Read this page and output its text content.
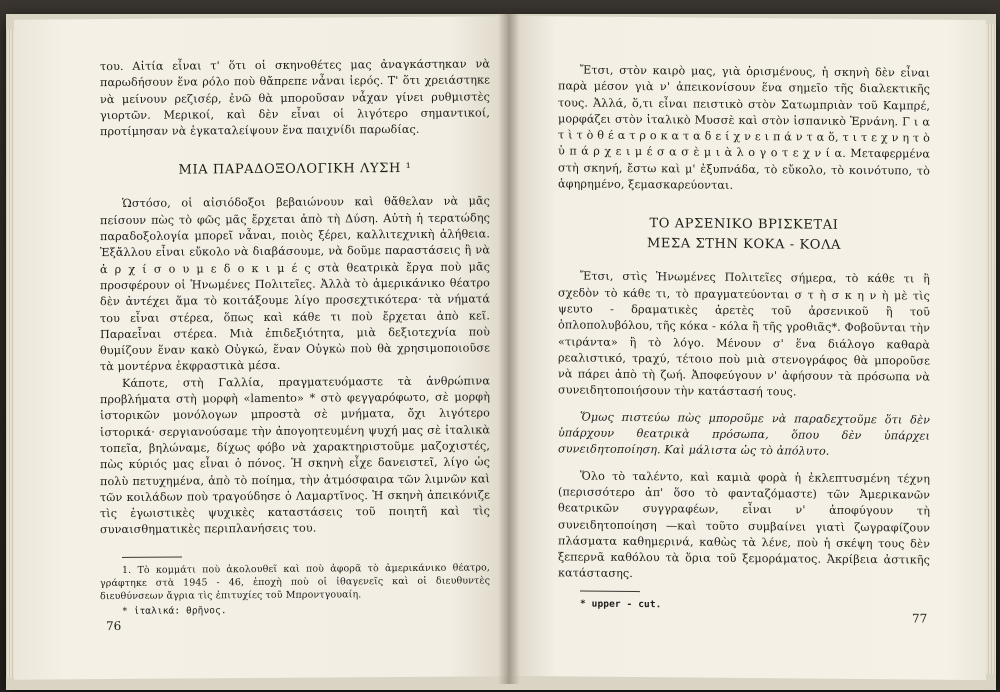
του. Αἰτία εἶναι τ' ὅτι οἱ σκηνοθέτες μας ἀναγκάστηκαν νὰ παρωδήσουν ἕνα ρόλο ποὺ θἄπρεπε νἆναι ἱερός. Τ' ὅτι χρειάστηκε νὰ μείνουν ρεζισέρ, ἐνῶ θὰ μποροῦσαν νἆχαν γίνει ρυθμιστὲς γιορτῶν. Μερικοί, καὶ δὲν εἶναι οἱ λιγότερο σημαντικοί, προτίμησαν νὰ ἐγκαταλείψουν ἕνα παιχνίδι παρωδίας.

ΜΙΑ ΠΑΡΑΔΟΞΟΛΟΓΙΚΗ ΛΥΣΗ ¹

Ὡστόσο, οἱ αἰσιόδοξοι βεβαιώνουν καὶ θἄθελαν νὰ μᾶς πείσουν πὼς τὸ φῶς μᾶς ἔρχεται ἀπὸ τὴ Δύση. Αὐτὴ ἡ τερατώδης παραδοξολογία μπορεῖ νἆναι, ποιὸς ξέρει, καλλιτεχνικὴ ἀλήθεια. Ἐξἄλλου εἶναι εὔκολο νὰ διαβάσουμε, νὰ δοῦμε παραστάσεις ἢ νὰ ἀ ρ χ ί σ ο υ μ ε δ ο κ ι μ έ ς στὰ θεατρικὰ ἔργα ποὺ μᾶς προσφέρουν οἱ Ἡνωμένες Πολιτεῖες. Ἀλλὰ τὸ ἀμερικάνικο θέατρο δὲν ἀντέχει ἅμα τὸ κοιτάξουμε λίγο προσεχτικότερα· τὰ νήματά του εἶναι στέρεα, ὅπως καὶ κάθε τι ποὺ ἔρχεται ἀπὸ κεῖ. Παραεἶναι στέρεα. Μιὰ ἐπιδεξιότητα, μιὰ δεξιοτεχνία ποὺ θυμίζουν ἕναν κακὸ Οὐγκώ, ἕναν Οὐγκὼ ποὺ θὰ χρησιμοποιοῦσε τὰ μοντέρνα ἐκφραστικὰ μέσα.

Κάποτε, στὴ Γαλλία, πραγματευόμαστε τὰ ἀνθρώπινα προβλήματα στὴ μορφὴ «lamento» * στὸ φεγγαρόφωτο, σὲ μορφὴ ἱστορικῶν μονόλογων μπροστὰ σὲ μνήματα, ὄχι λιγότερο ἱστορικά· σεργιανούσαμε τὴν ἀπογοητευμένη ψυχή μας σὲ ἰταλικὰ τοπεῖα, βηλώναμε, δίχως φόβο νὰ χαρακτηριστοῦμε μαζοχιστές, πὼς κύριός μας εἶναι ὁ πόνος. Ἡ σκηνὴ εἶχε δανειστεῖ, λίγο ὡς πολὺ πετυχημένα, ἀπὸ τὸ ποίημα, τὴν ἀτμόσφαιρα τῶν λιμνῶν καὶ τῶν κοιλάδων ποὺ τραγούδησε ὁ Λαμαρτῖνος. Ἡ σκηνὴ ἀπεικόνιζε τὶς ἐγωιστικὲς ψυχικὲς καταστάσεις τοῦ ποιητῆ καὶ τὶς συναισθηματικὲς περιπλανήσεις του.

1. Τὸ κομμάτι ποὺ ἀκολουθεῖ καὶ ποὺ ἀφορᾶ τὸ ἀμερικάνικο θέατρο, γράφτηκε στὰ 1945 - 46, ἐποχὴ ποὺ οἱ ἰθαγενεῖς καὶ οἱ διευθυντὲς διευθύνσεων ἄγρια τὶς ἐπιτυχίες τοῦ Μπροντγουαίη.

* ἰταλικά: θρῆνος.

76

Ἔτσι, στὸν καιρὸ μας, γιὰ ὁρισμένους, ἡ σκηνὴ δὲν εἶναι παρὰ μέσον γιὰ ν' ἀπεικονίσουν ἕνα σημεῖο τῆς διαλεκτικῆς τους. Ἀλλά, ὅ,τι εἶναι πειστικὸ στὸν Σατωμπριὰν τοῦ Καμπρέ, μορφάζει στὸν ἰταλικὸ Μυσσὲ καὶ στὸν ἱσπανικὸ Ἐρνάνη. Γ ι α τ ὶ τ ὸ θ έ α τ ρ ο κ α τ α δ ε ί χ ν ε ι π ά ν τ α ὅ, τ ι τ ε χ ν η τ ὸ ὑ π ά ρ χ ε ι μ έ σ α σ ὲ μ ι ὰ λ ο γ ο τ ε χ ν ί α. Μεταφερμένα στὴ σκηνή, ἔστω καὶ μ' ἐξυπνάδα, τὸ εὔκολο, τὸ κοινότυπο, τὸ ἀφηρημένο, ξεμασκαρεύονται.

ΤΟ ΑΡΣΕΝΙΚΟ ΒΡΙΣΚΕΤΑΙ

ΜΕΣΑ ΣΤΗΝ ΚΟΚΑ - ΚΟΛΑ

Ἔτσι, στὶς Ἡνωμένες Πολιτεῖες σήμερα, τὸ κάθε τι ἢ σχεδὸν τὸ κάθε τι, τὸ πραγματεύονται σ τ ὴ σ κ η ν ὴ μὲ τὶς ψευτο - δραματικὲς ἀρετὲς τοῦ ἀρσενικοῦ ἢ τοῦ ὁπλοπολυβόλου, τῆς κόκα - κόλα ἢ τῆς γροθιᾶς*. Φοβοῦνται τὴν «τιράντα» ἢ τὸ λόγο. Μένουν σ' ἕνα διάλογο καθαρὰ ρεαλιστικό, τραχύ, τέτοιο ποὺ μιὰ στενογράφος θὰ μποροῦσε νὰ πάρει ἀπὸ τὴ ζωή. Ἀποφεύγουν ν' ἀφήσουν τὰ πρόσωπα νὰ συνειδητοποιήσουν τὴν κατάστασή τους.

Ὅμως πιστεύω πὼς μποροῦμε νὰ παραδεχτοῦμε ὅτι δὲν ὑπάρχουν θεατρικὰ πρόσωπα, ὅπου δὲν ὑπάρχει συνειδητοποίηση. Καὶ μάλιστα ὡς τὸ ἀπόλυτο.

Ὅλο τὸ ταλέντο, καὶ καμιὰ φορὰ ἡ ἐκλεπτυσμένη τέχνη (περισσότερο ἀπ' ὅσο τὸ φανταζόμαστε) τῶν Ἀμερικανῶν θεατρικῶν συγγραφέων, εἶναι ν' ἀποφύγουν τὴ συνειδητοποίηση —καὶ τοῦτο συμβαίνει γιατὶ ζωγραφίζουν πλάσματα καθημερινά, καθὼς τὰ λένε, ποὺ ἡ σκέψη τους δὲν ξεπερνᾶ καθόλου τὰ ὅρια τοῦ ξεμοράματος. Ἀκρίβεια ἀστικῆς κατάστασης.

* upper - cut.

77
